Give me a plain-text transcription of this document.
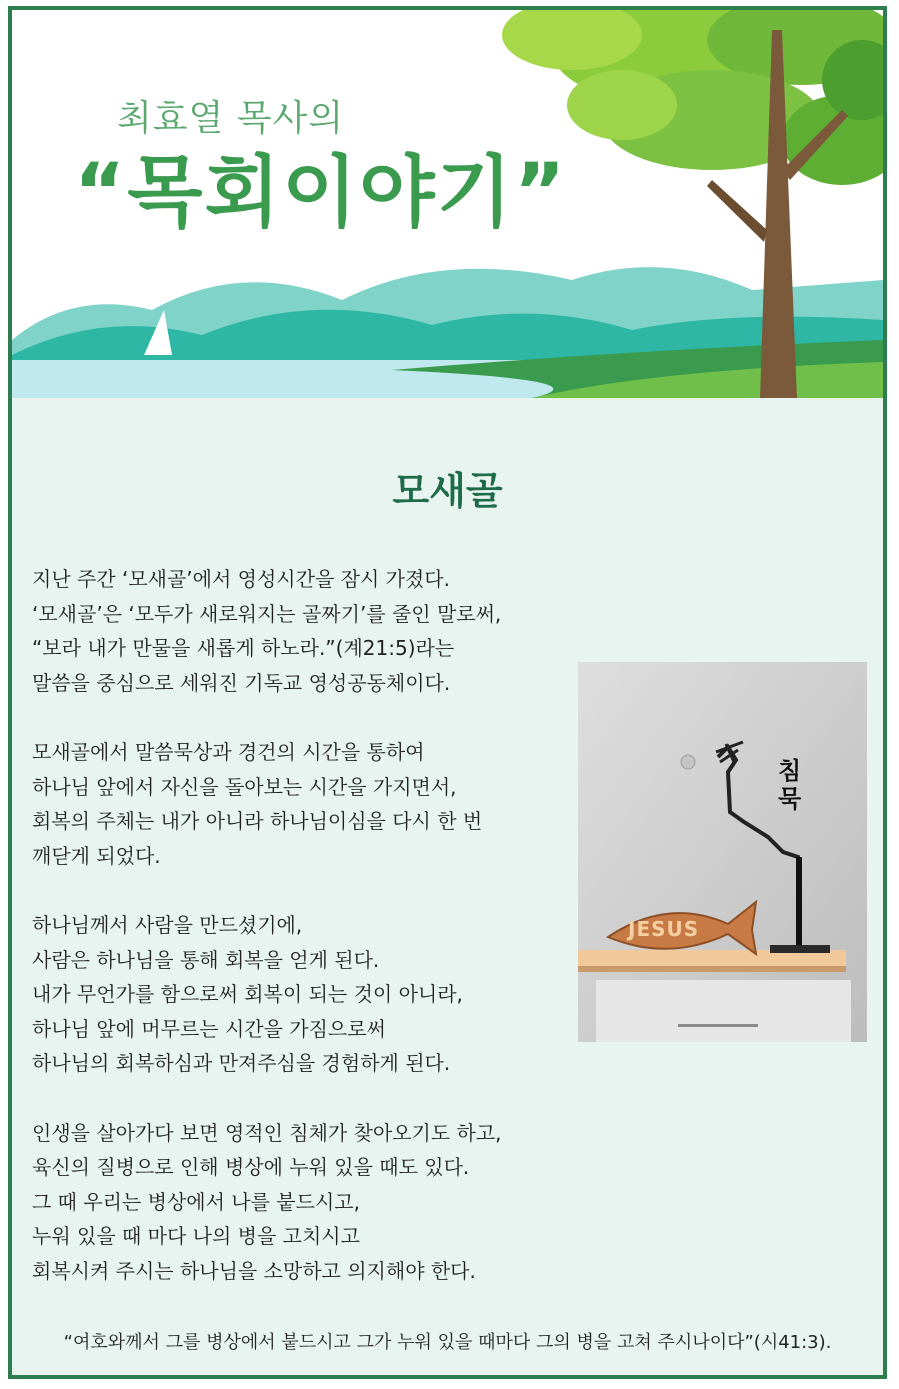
최효열 목사의
“목회이야기”
모새골
지난 주간 ‘모새골’에서 영성시간을 잠시 가졌다.
‘모새골’은 ‘모두가 새로워지는 골짜기’를 줄인 말로써,
“보라 내가 만물을 새롭게 하노라.”(계21:5)라는
말씀을 중심으로 세워진 기독교 영성공동체이다.
모새골에서 말씀묵상과 경건의 시간을 통하여
하나님 앞에서 자신을 돌아보는 시간을 가지면서,
회복의 주체는 내가 아니라 하나님이심을 다시 한 번
깨닫게 되었다.
하나님께서 사람을 만드셨기에,
사람은 하나님을 통해 회복을 얻게 된다.
내가 무언가를 함으로써 회복이 되는 것이 아니라,
하나님 앞에 머무르는 시간을 가짐으로써
하나님의 회복하심과 만져주심을 경험하게 된다.
인생을 살아가다 보면 영적인 침체가 찾아오기도 하고,
육신의 질병으로 인해 병상에 누워 있을 때도 있다.
그 때 우리는 병상에서 나를 붙드시고,
누워 있을 때 마다 나의 병을 고치시고
회복시켜 주시는 하나님을 소망하고 의지해야 한다.
침묵
JESUS
“여호와께서 그를 병상에서 붙드시고 그가 누워 있을 때마다 그의 병을 고쳐 주시나이다”(시41:3).
